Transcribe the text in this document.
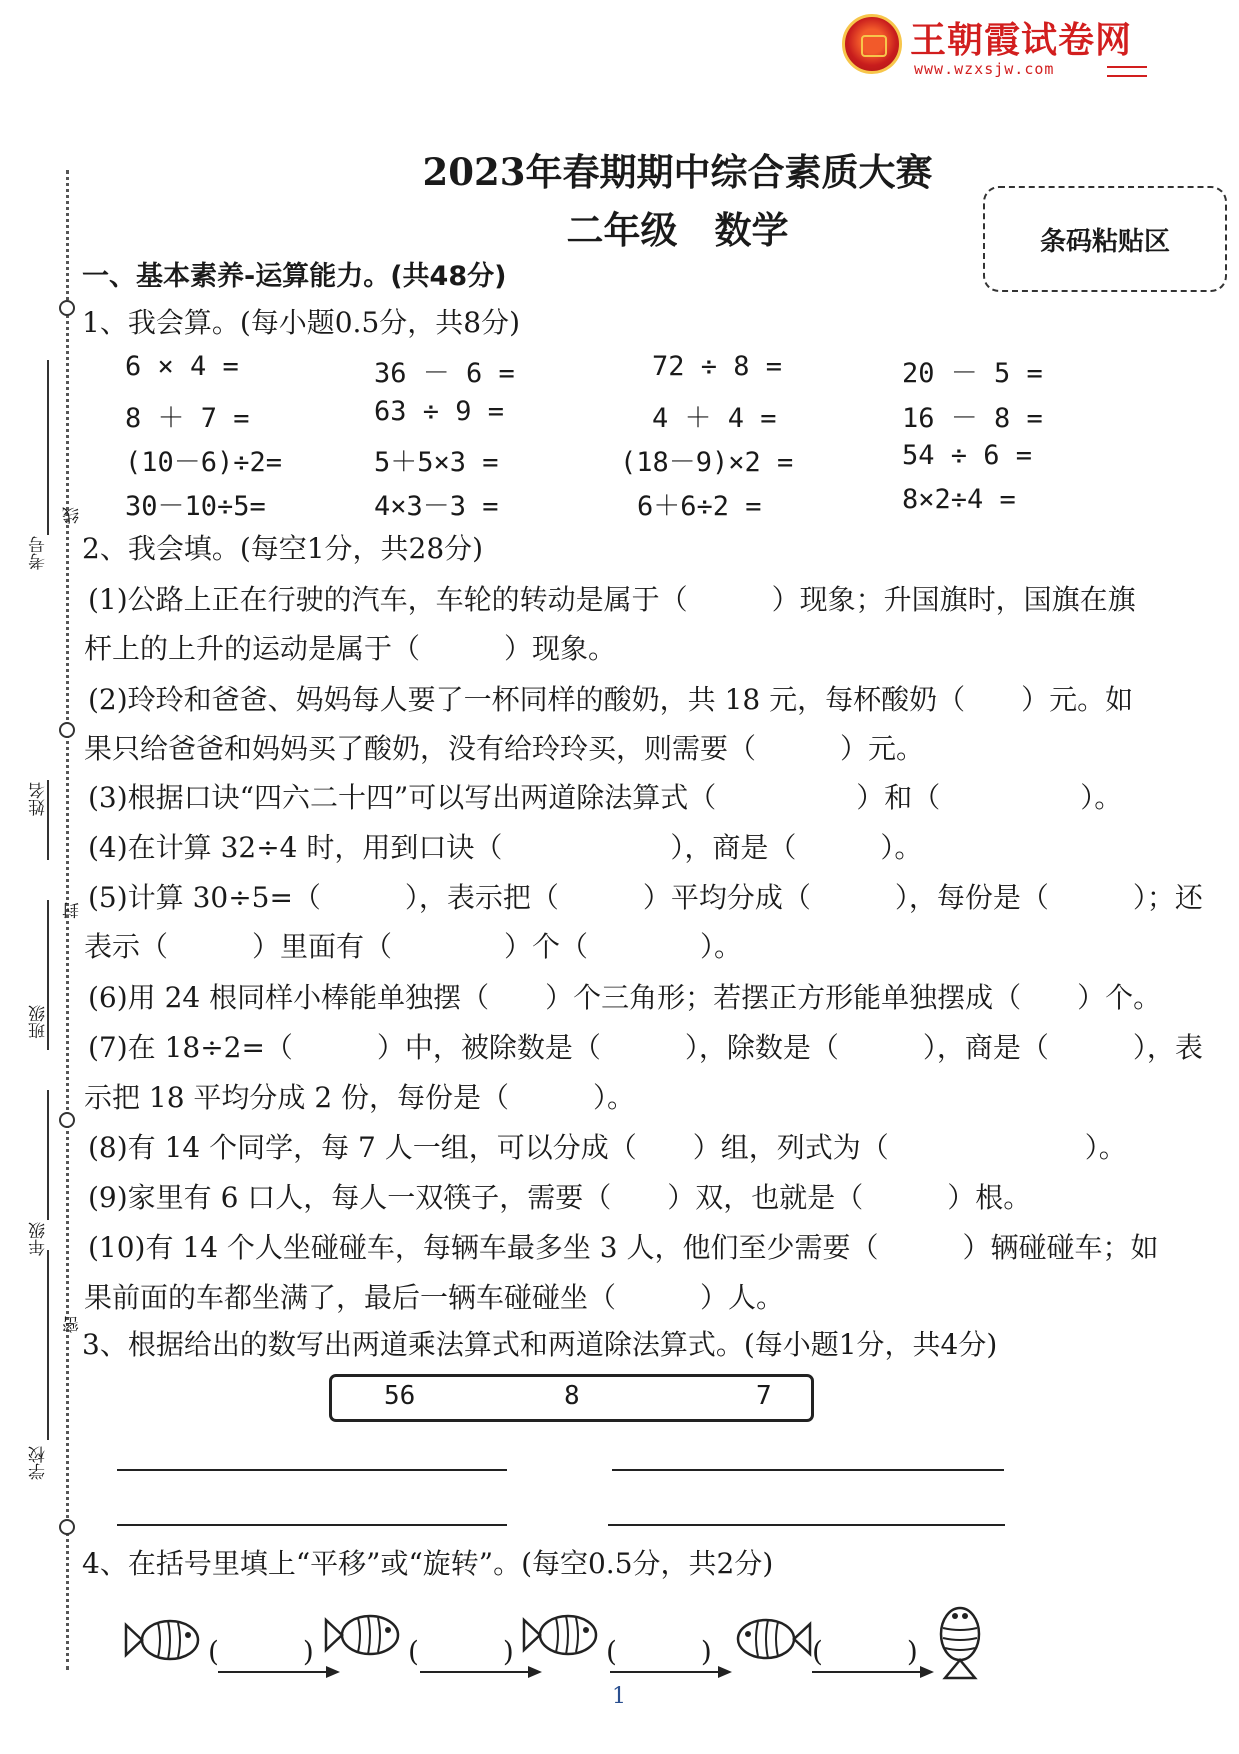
王朝霞试卷网
www.wzxsjw.com
2023年春期期中综合素质大赛
二年级　数学	条码粘贴区
考号
姓名
班级
年级
学校
线
封
密
一、基本素养-运算能力。(共48分)
1、我会算。(每小题0.5分，共8分)
6 × 4 =	36 － 6 =	72 ÷ 8 =	20 － 5 =
8 ＋ 7 =	63 ÷ 9 =	4 ＋ 4 =	16 － 8 =
(10－6)÷2=	5＋5×3 =	(18－9)×2 =	54 ÷ 6 =
30－10÷5=	4×3－3 =	6＋6÷2 =	8×2÷4 =
2、我会填。(每空1分，共28分)
(1)公路上正在行驶的汽车，车轮的转动是属于（　　　）现象；升国旗时，国旗在旗
杆上的上升的运动是属于（　　　）现象。
(2)玲玲和爸爸、妈妈每人要了一杯同样的酸奶，共 18 元，每杯酸奶（　　）元。如
果只给爸爸和妈妈买了酸奶，没有给玲玲买，则需要（　　　）元。
(3)根据口诀“四六二十四”可以写出两道除法算式（　　　　　）和（　　　　　）。
(4)在计算 32÷4 时，用到口诀（　　　　　　），商是（　　　）。
(5)计算 30÷5=（　　　），表示把（　　　）平均分成（　　　），每份是（　　　）；还
表示（　　　）里面有（　　　　）个（　　　　）。
(6)用 24 根同样小棒能单独摆（　　）个三角形；若摆正方形能单独摆成（　　）个。
(7)在 18÷2=（　　　）中，被除数是（　　　），除数是（　　　），商是（　　　），表
示把 18 平均分成 2 份，每份是（　　　）。
(8)有 14 个同学，每 7 人一组，可以分成（　　）组，列式为（　　　　　　　）。
(9)家里有 6 口人，每人一双筷子，需要（　　）双，也就是（　　　）根。
(10)有 14 个人坐碰碰车，每辆车最多坐 3 人，他们至少需要（　　　）辆碰碰车；如
果前面的车都坐满了，最后一辆车碰碰坐（　　　）人。
3、根据给出的数写出两道乘法算式和两道除法算式。(每小题1分，共4分)
56	8	7
4、在括号里填上“平移”或“旋转”。(每空0.5分，共2分)
(　　　)	(　　　)	(　　　)	(　　　)
1
